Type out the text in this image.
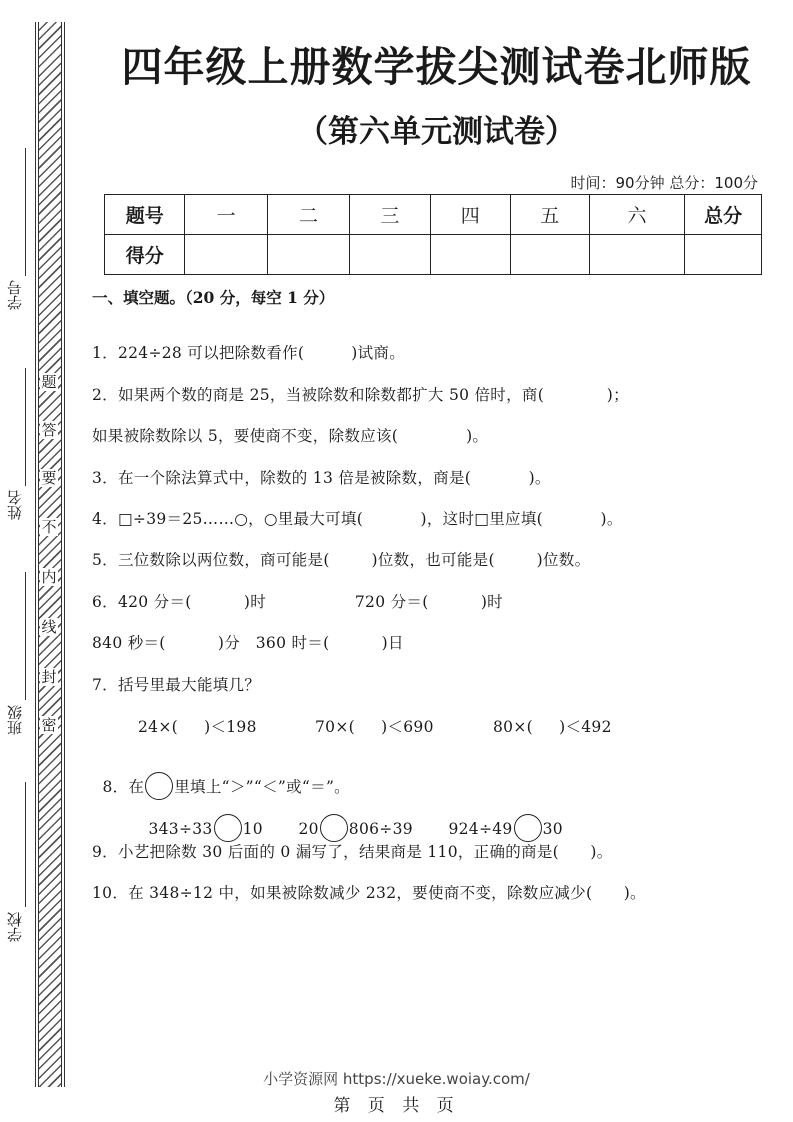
题
答
要
不
内
线
封
密
学号
姓名
班级
学校
四年级上册数学拔尖测试卷北师版
（第六单元测试卷）
时间：90分钟 总分：100分
题号	一	二	三	四	五	六	总分
得分							
一、填空题。（20 分，每空 1 分）
1．224÷28 可以把除数看作(         )试商。
2．如果两个数的商是 25，当被除数和除数都扩大 50 倍时，商(            )；
如果被除数除以 5，要使商不变，除数应该(             )。
3．在一个除法算式中，除数的 13 倍是被除数，商是(           )。
4．□÷39＝25……○，○里最大可填(           )，这时□里应填(           )。
5．三位数除以两位数，商可能是(        )位数，也可能是(        )位数。
6．420 分＝(          )时                 720 分＝(          )时
840 秒＝(          )分   360 时＝(          )日
7．括号里最大能填几？
24×(     )＜198	70×(     )＜690	80×(     )＜492

8．在 里填上“＞”“＜”或“＝”。

343÷33 10	20 806÷39	924÷49 30

9．小艺把除数 30 后面的 0 漏写了，结果商是 110，正确的商是(      )。
10．在 348÷12 中，如果被除数减少 232，要使商不变，除数应减少(      )。
小学资源网 https://xueke.woiay.com/
第 页 共 页
